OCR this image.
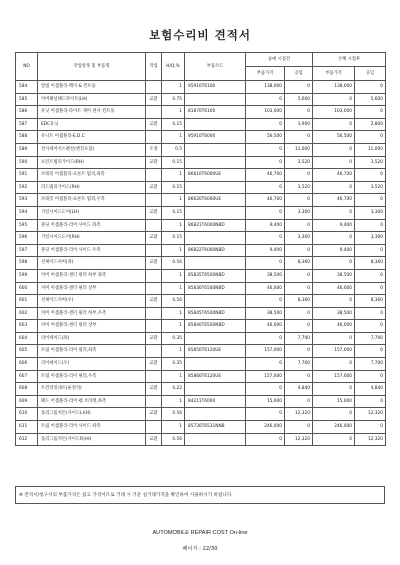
보험수리비 견적서
NO	작업항목 및 부품명	작업	H/Q,%	부품코드	승애 시점전		손해 시점후	
					부품가격	공임	부품가격	공임
584	앞범 어셈블리-백미 & 컨트롤		1	95910T6100	138,000	0	138,000	0
585	커버패널헤드라이트(LH)	교환	0.75		0	5,600	0	5,600
586	유닛 어셈블리-라이트 제어 센서 컨트롤		1	81870T6100	103,000	0	103,000	0
587	EDC유닛	교환	0.15		0	3,900	0	2,800
588	유니트 어셈블리-E.D.C		1	95910T6000	56,500	0	56,500	0
589	전자제어서스펜션(엔진포함)	조정	0.5		0	11,000	0	11,000
590	프런트범퍼가이드(RH)	교환	0.15		0	3,520	0	3,520
591	브래킷 어셈블리-프론트 범퍼,좌측		1	86610T6000UE	46,700	0	46,700	0
592	리드범퍼가이드(RH)	교환	0.15		0	3,520	0	3,520
593	브래킷 어셈블리-프론트 범퍼,우측		1	86620T6000UE	46,700	0	46,700	0
594	가일사이드도어(LH)	교환	0.15		0	3,300	0	3,300
595	몰딩 어셈블리-리어 사이드 좌측		1	86821T6000NBD	9,400	0	9,400	0
596	가일사이드도어(RH)	교환	0.15		0	3,300	0	3,300
597	몰딩 어셈블리-리어 사이드 우측		1	86822T6000NBD	9,400	0	9,400	0
598	선셰이드커버(좌)	교환	0.56		0	8,360	0	8,360
599	커버 어셈블리-센터 필러 하부 좌측		1	85835T6500NBD	38,500	0	38,500	0
600	커버 어셈블리-센터 필러 상부		1	85830T6500NBD	46,000	0	46,000	0
601	선셰이드커버(우)	교환	0.56		0	8,360	0	8,360
602	커버 어셈블리-센터 필러 하부,우측		1	85845T6500NBD	38,500	0	38,500	0
603	커버 어셈블리-센터 필러 상부		1	85840T6500NBD	46,000	0	46,000	0
604	리어셰이드(좌)	교환	0.35		0	7,700	0	7,700
605	트림 어셈블리-리어 필러,좌측		1	85850T6120UE	157,000	0	157,000	0
606	리어셰이드(우)	교환	0.35		0	7,700	0	7,700
607	트림 어셈블리-리어 필러,우측		1	85860T6120UE	157,000	0	157,000	0
608	트윈리밍네트(운전석)	교환	0.22		0	4,840	0	4,840
609	패드 어셈블리-리어 쉘 브라켓,좌측		1	84211T6000	15,000	0	15,000	0
610	롤리그롭커튼(사이드L)(H)	교환	0.56		0	12,320	0	12,320
611	트림 어셈블리-리어 사이드 좌측		1	85730T6531NNB	246,000	0	246,000	0
612	롤리그롭커튼(사이드R)(H)	교환	0.56		0	12,320	0	12,320
※ 견적서/청구서의 부품가격은 참고 가격이므로 거래 시 기준 실거래가격을 확인하여 사용하시기 바랍니다.
AUTOMOBILE REPAIR COST On-line
페이지 : 22/30
